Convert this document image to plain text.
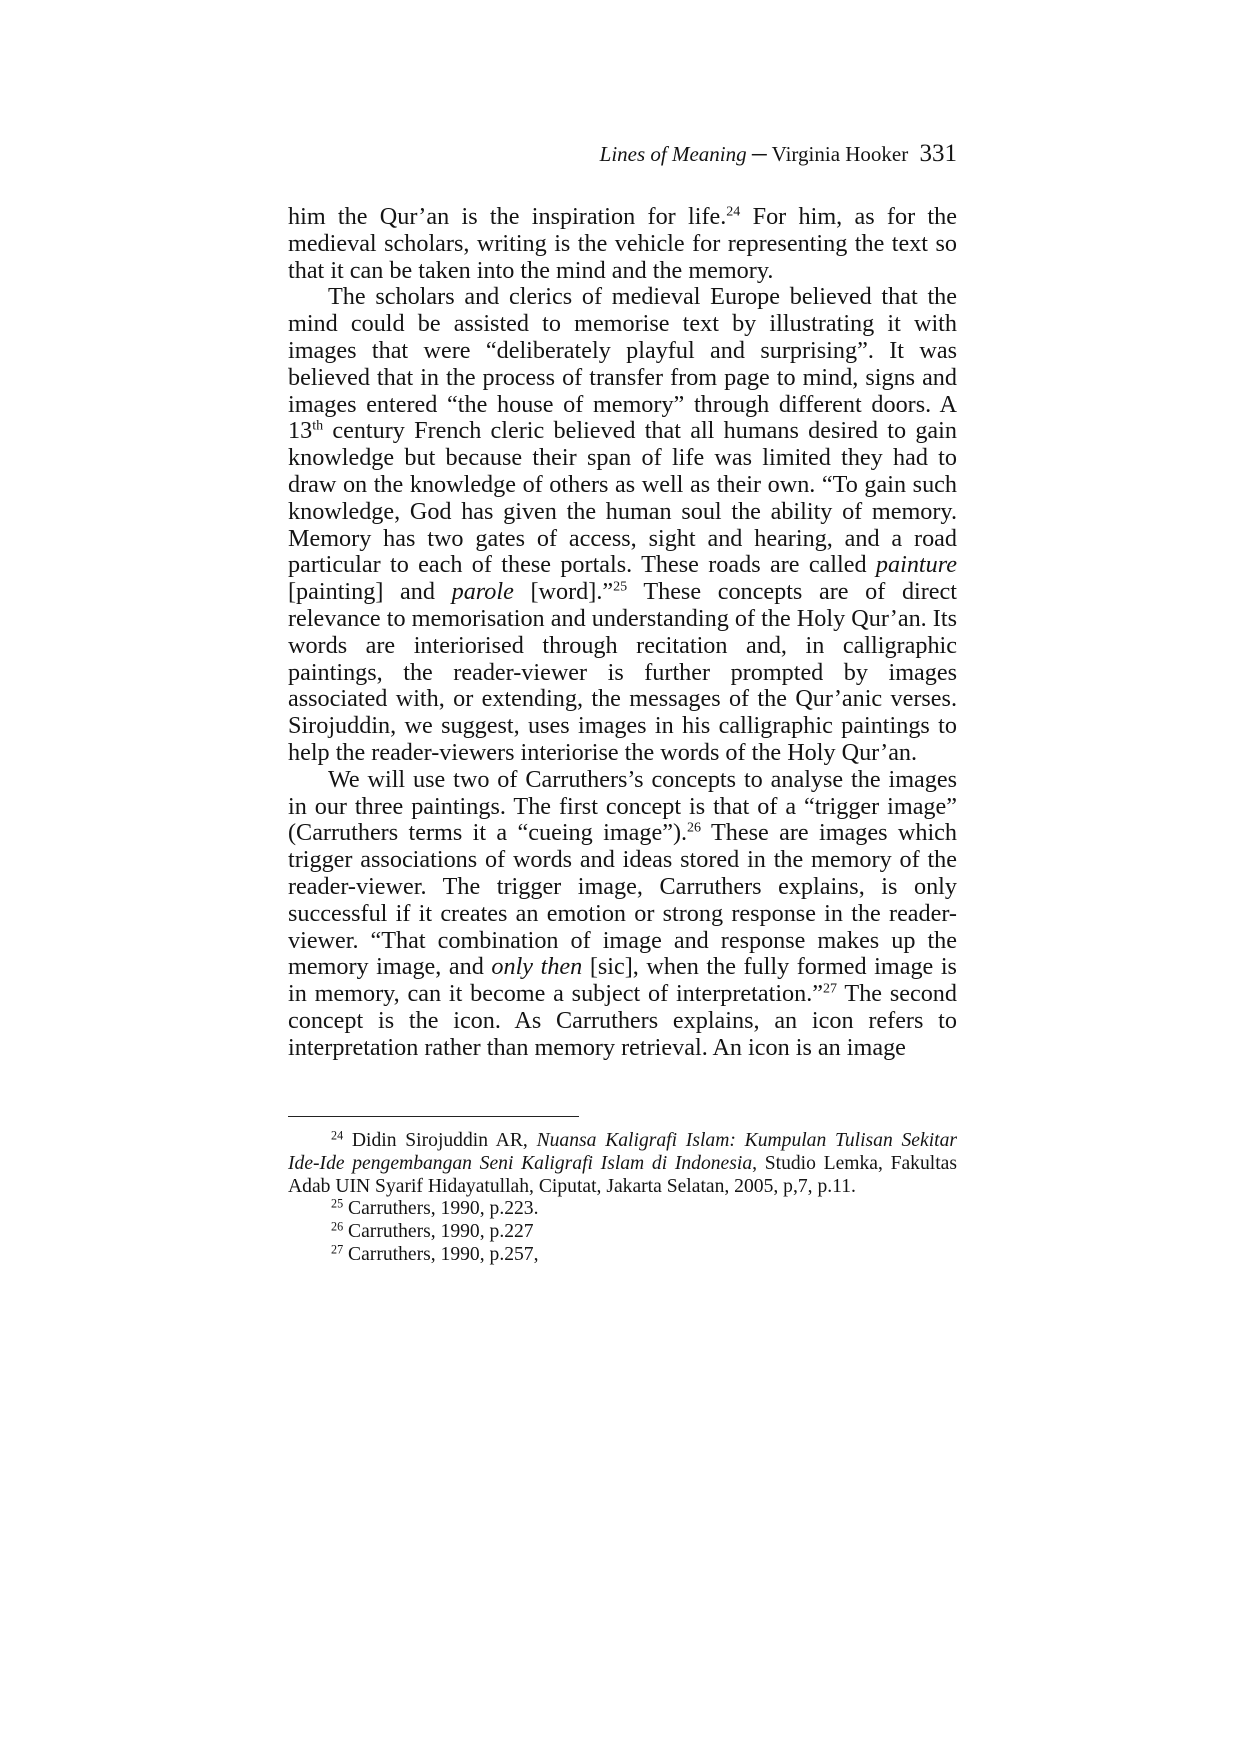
Lines of Meaning ─ Virginia Hooker 331

him the Qur’an is the inspiration for life.$^{24}$ For him, as for the medieval scholars, writing is the vehicle for representing the text so that it can be taken into the mind and the memory.

The scholars and clerics of medieval Europe believed that the mind could be assisted to memorise text by illustrating it with images that were “deliberately playful and surprising”. It was believed that in the process of transfer from page to mind, signs and images entered “the house of memory” through different doors. A 13th century French cleric believed that all humans desired to gain knowledge but because their span of life was limited they had to draw on the knowledge of others as well as their own. “To gain such knowledge, God has given the human soul the ability of memory. Memory has two gates of access, sight and hearing, and a road particular to each of these portals. These roads are called painture [painting] and parole [word].”$^{25}$ These concepts are of direct relevance to memorisation and understanding of the Holy Qur’an. Its words are interiorised through recitation and, in calligraphic paintings, the reader-viewer is further prompted by images associated with, or extending, the messages of the Qur’anic verses. Sirojuddin, we suggest, uses images in his calligraphic paintings to help the reader-viewers interiorise the words of the Holy Qur’an.

We will use two of Carruthers’s concepts to analyse the images in our three paintings. The first concept is that of a “trigger image” (Carruthers terms it a “cueing image”).$^{26}$ These are images which trigger associations of words and ideas stored in the memory of the reader-viewer. The trigger image, Carruthers explains, is only successful if it creates an emotion or strong response in the reader-viewer. “That combination of image and response makes up the memory image, and only then [sic], when the fully formed image is in memory, can it become a subject of interpretation.”$^{27}$ The second concept is the icon. As Carruthers explains, an icon refers to interpretation rather than memory retrieval. An icon is an image

$^{24}$ Didin Sirojuddin AR, Nuansa Kaligrafi Islam: Kumpulan Tulisan Sekitar Ide-Ide pengembangan Seni Kaligrafi Islam di Indonesia, Studio Lemka, Fakultas Adab UIN Syarif Hidayatullah, Ciputat, Jakarta Selatan, 2005, p,7, p.11.

$^{25}$ Carruthers, 1990, p.223.

$^{26}$ Carruthers, 1990, p.227

$^{27}$ Carruthers, 1990, p.257,
